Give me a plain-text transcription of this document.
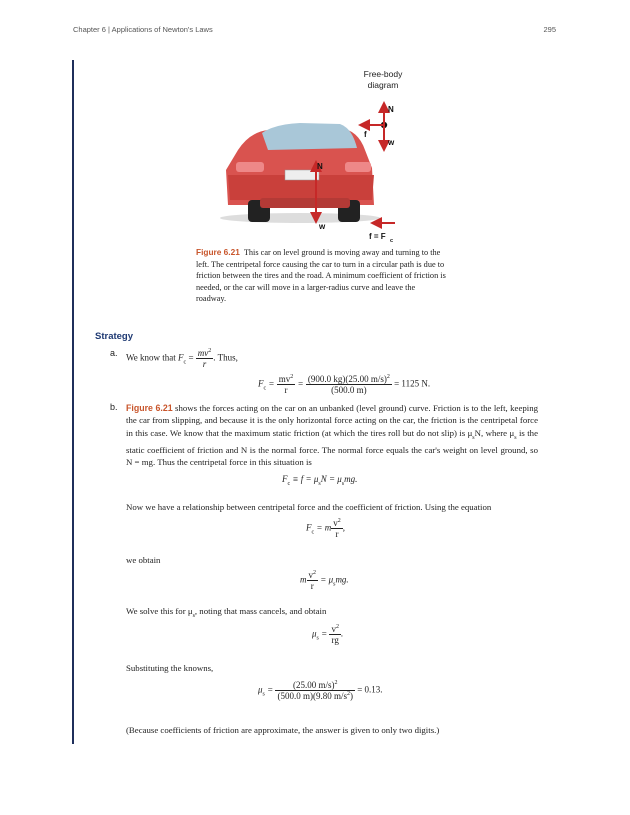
Chapter 6 | Applications of Newton's Laws	295
Free-body
diagram
N
f
w
N
w
f = F c
Figure 6.21 This car on level ground is moving away and turning to the left. The centripetal force causing the car to turn in a circular path is due to friction between the tires and the road. A minimum coefficient of friction is needed, or the car will move in a larger-radius curve and leave the roadway.
Strategy
a. We know that $F_c = \frac{mv^2}{r}$ . Thus,
$F_c = \frac{mv^2}{r} = \frac{(900.0 kg)(25.00 m/s)^2}{(500.0 m)} = 1125$ N.
b. Figure 6.21 shows the forces acting on the car on an unbanked (level ground) curve. Friction is to the left, keeping the car from slipping, and because it is the only horizontal force acting on the car, the friction is the centripetal force in this case. We know that the maximum static friction (at which the tires roll but do not slip) is $\mu_sN$, where $\mu_s$ is the static coefficient of friction and N is the normal force. The normal force equals the car's weight on level ground, so N = mg. Thus the centripetal force in this situation is
$F_c \equiv f = \mu_sN = \mu_smg$.
Now we have a relationship between centripetal force and the coefficient of friction. Using the equation
$F_c = m \frac{v^2}{r}$ ,
we obtain
m $\frac{v^2}{r} = \mu_smg$.
We solve this for $\mu_s$, noting that mass cancels, and obtain
$\mu_s = \frac{v^2}{rg}$ .
Substituting the knowns,
$\mu_s = \frac{(25.00 m/s)^2}{(500.0 m)(9.80 m/s^2)} = 0.13$.
(Because coefficients of friction are approximate, the answer is given to only two digits.)
